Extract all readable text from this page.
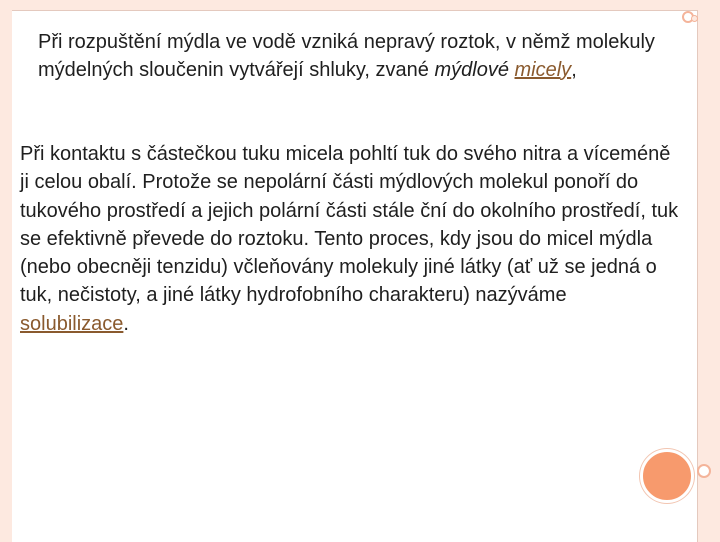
Při rozpuštění mýdla ve vodě vzniká nepravý roztok, v němž molekuly mýdelných sloučenin vytvářejí shluky, zvané mýdlové micely,

Při kontaktu s částečkou tuku micela pohltí tuk do svého nitra a víceméně ji celou obalí. Protože se nepolární části mýdlových molekul ponoří do tukového prostředí a jejich polární části stále ční do okolního prostředí, tuk se efektivně převede do roztoku. Tento proces, kdy jsou do micel mýdla (nebo obecněji tenzidu) včleňovány molekuly jiné látky (ať už se jedná o tuk, nečistoty, a jiné látky hydrofobního charakteru) nazýváme solubilizace.
